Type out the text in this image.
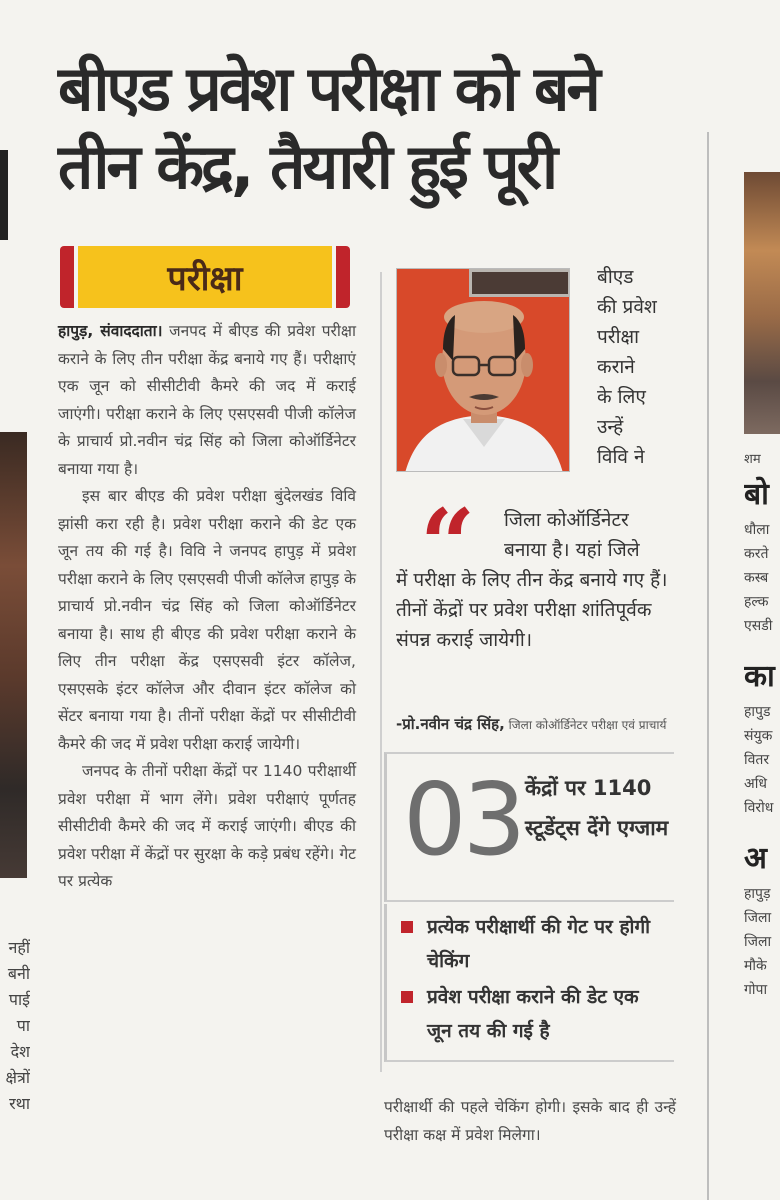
नहीं
बनी
पाई
पा
देश
क्षेत्रों
रथा
बीएड प्रवेश परीक्षा को बने
तीन केंद्र, तैयारी हुई पूरी
परीक्षा

हापुड़, संवाददाता। जनपद में बीएड की प्रवेश परीक्षा कराने के लिए तीन परीक्षा केंद्र बनाये गए हैं। परीक्षाएं एक जून को सीसीटीवी कैमरे की जद में कराई जाएंगी। परीक्षा कराने के लिए एसएसवी पीजी कॉलेज के प्राचार्य प्रो.नवीन चंद्र सिंह को जिला कोऑर्डिनेटर बनाया गया है।

इस बार बीएड की प्रवेश परीक्षा बुंदेलखंड विवि झांसी करा रही है। प्रवेश परीक्षा कराने की डेट एक जून तय की गई है। विवि ने जनपद हापुड़ में प्रवेश परीक्षा कराने के लिए एसएसवी पीजी कॉलेज हापुड़ के प्राचार्य प्रो.नवीन चंद्र सिंह को जिला कोऑर्डिनेटर बनाया है। साथ ही बीएड की प्रवेश परीक्षा कराने के लिए तीन परीक्षा केंद्र एसएसवी इंटर कॉलेज, एसएसके इंटर कॉलेज और दीवान इंटर कॉलेज को सेंटर बनाया गया है। तीनों परीक्षा केंद्रों पर सीसीटीवी कैमरे की जद में प्रवेश परीक्षा कराई जायेगी।

जनपद के तीनों परीक्षा केंद्रों पर 1140 परीक्षार्थी प्रवेश परीक्षा में भाग लेंगे। प्रवेश परीक्षाएं पूर्णतह सीसीटीवी कैमरे की जद में कराई जाएंगी। बीएड की प्रवेश परीक्षा में केंद्रों पर सुरक्षा के कड़े प्रबंध रहेंगे। गेट पर प्रत्येक

बीएड
की प्रवेश
परीक्षा
कराने
के लिए
उन्हें
विवि ने
“	जिला कोऑर्डिनेटर बनाया है। यहां जिले
में परीक्षा के लिए तीन केंद्र बनाये गए हैं। तीनों केंद्रों पर प्रवेश परीक्षा शांतिपूर्वक संपन्न कराई जायेगी।
-प्रो.नवीन चंद्र सिंह, जिला कोऑर्डिनेटर परीक्षा एवं प्राचार्य
03 केंद्रों पर 1140 स्टूडेंट्स देंगे एग्जाम
प्रत्येक परीक्षार्थी की गेट पर होगी चेकिंग
प्रवेश परीक्षा कराने की डेट एक जून तय की गई है
परीक्षार्थी की पहले चेकिंग होगी। इसके बाद ही उन्हें परीक्षा कक्ष में प्रवेश मिलेगा।
शम
बो
धौला
करते
कस्ब
हल्क
एसडी
का
हापुड
संयुक
वितर
अधि
विरोध
अ
हापुड़
जिला
जिला
मौके
गोपा
